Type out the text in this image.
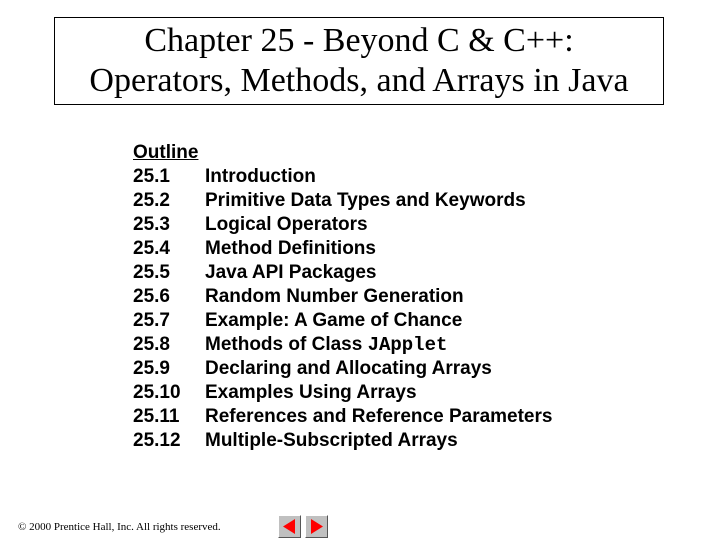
Chapter 25 - Beyond C & C++:
Operators, Methods, and Arrays in Java
Outline
25.1	Introduction
25.2	Primitive Data Types and Keywords
25.3	Logical Operators
25.4	Method Definitions
25.5	Java API Packages
25.6	Random Number Generation
25.7	Example: A Game of Chance
25.8	Methods of Class JApplet
25.9	Declaring and Allocating Arrays
25.10	Examples Using Arrays
25.11	References and Reference Parameters
25.12	Multiple-Subscripted Arrays
© 2000 Prentice Hall, Inc. All rights reserved.
